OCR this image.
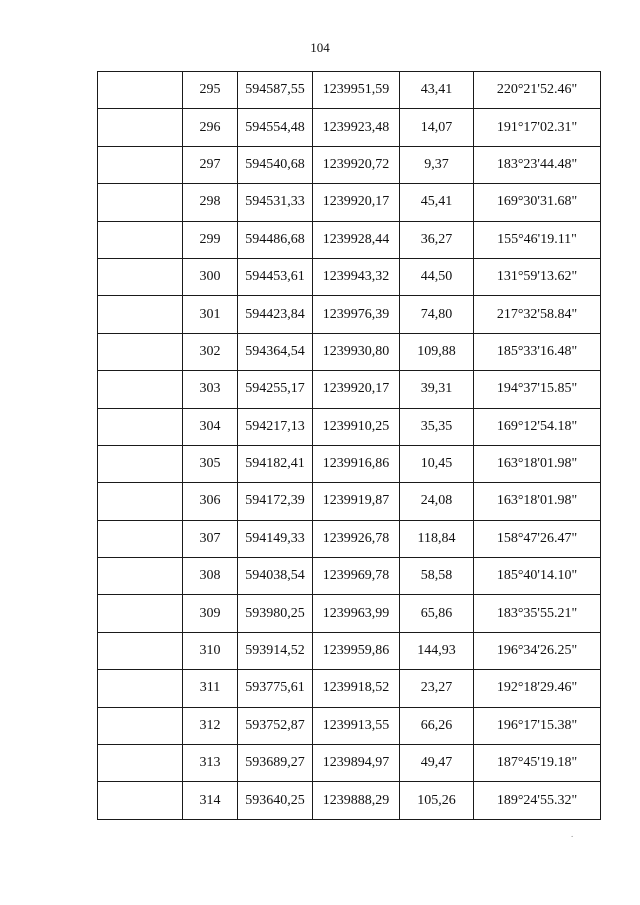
104
	295	594587,55	1239951,59	43,41	220°21'52.46"
	296	594554,48	1239923,48	14,07	191°17'02.31"
	297	594540,68	1239920,72	9,37	183°23'44.48"
	298	594531,33	1239920,17	45,41	169°30'31.68"
	299	594486,68	1239928,44	36,27	155°46'19.11"
	300	594453,61	1239943,32	44,50	131°59'13.62"
	301	594423,84	1239976,39	74,80	217°32'58.84"
	302	594364,54	1239930,80	109,88	185°33'16.48"
	303	594255,17	1239920,17	39,31	194°37'15.85"
	304	594217,13	1239910,25	35,35	169°12'54.18"
	305	594182,41	1239916,86	10,45	163°18'01.98"
	306	594172,39	1239919,87	24,08	163°18'01.98"
	307	594149,33	1239926,78	118,84	158°47'26.47"
	308	594038,54	1239969,78	58,58	185°40'14.10"
	309	593980,25	1239963,99	65,86	183°35'55.21"
	310	593914,52	1239959,86	144,93	196°34'26.25"
	311	593775,61	1239918,52	23,27	192°18'29.46"
	312	593752,87	1239913,55	66,26	196°17'15.38"
	313	593689,27	1239894,97	49,47	187°45'19.18"
	314	593640,25	1239888,29	105,26	189°24'55.32"
.
